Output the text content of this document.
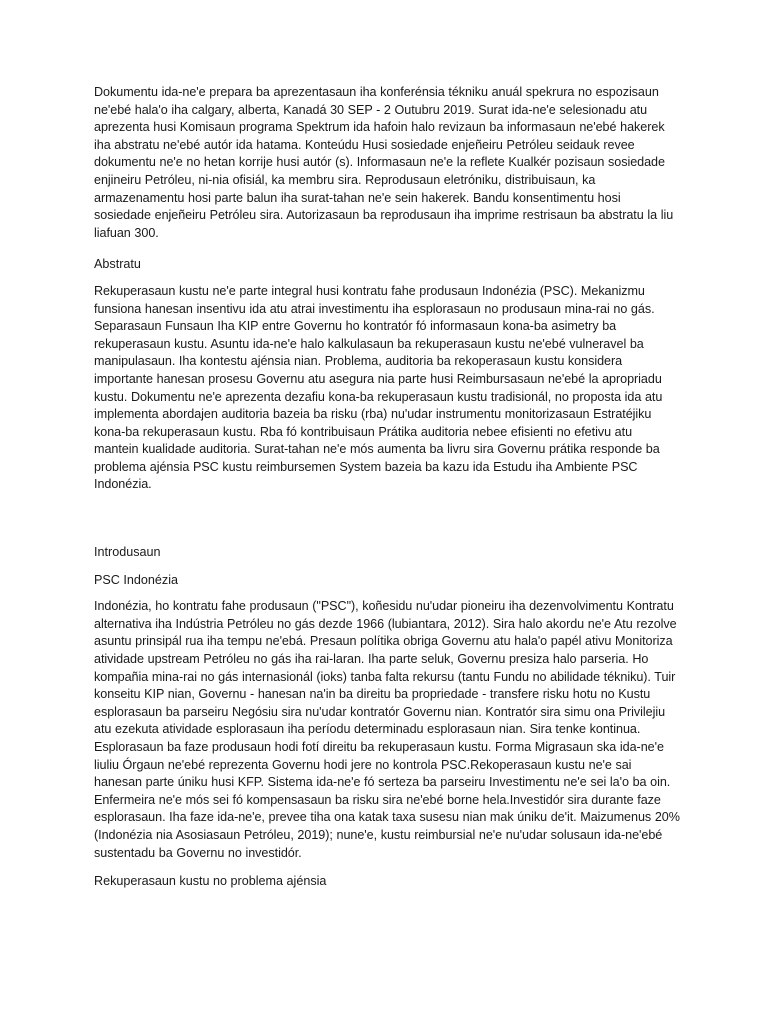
Dokumentu ida-ne'e prepara ba aprezentasaun iha konferénsia tékniku anuál spekrura no espozisaun ne'ebé hala'o iha calgary, alberta, Kanadá 30 SEP - 2 Outubru 2019. Surat ida-ne'e selesionadu atu aprezenta husi Komisaun programa Spektrum ida hafoin halo revizaun ba informasaun ne'ebé hakerek iha abstratu ne'ebé autór ida hatama. Konteúdu Husi sosiedade enjeñeiru Petróleu seidauk revee dokumentu ne'e no hetan korrije husi autór (s). Informasaun ne'e la reflete Kualkér pozisaun sosiedade enjineiru Petróleu, ni-nia ofisiál, ka membru sira. Reprodusaun eletróniku, distribuisaun, ka armazenamentu hosi parte balun iha surat-tahan ne'e sein hakerek. Bandu konsentimentu hosi sosiedade enjeñeiru Petróleu sira. Autorizasaun ba reprodusaun iha imprime restrisaun ba abstratu la liu liafuan 300.

Abstratu

Rekuperasaun kustu ne'e parte integral husi kontratu fahe produsaun Indonézia (PSC). Mekanizmu funsiona hanesan insentivu ida atu atrai investimentu iha esplorasaun no produsaun mina-rai no gás. Separasaun Funsaun Iha KIP entre Governu ho kontratór fó informasaun kona-ba asimetry ba rekuperasaun kustu. Asuntu ida-ne'e halo kalkulasaun ba rekuperasaun kustu ne'ebé vulneravel ba manipulasaun. Iha kontestu ajénsia nian. Problema, auditoria ba rekoperasaun kustu konsidera importante hanesan prosesu Governu atu asegura nia parte husi Reimbursasaun ne'ebé la apropriadu kustu. Dokumentu ne'e aprezenta dezafiu kona-ba rekuperasaun kustu tradisionál, no proposta ida atu implementa abordajen auditoria bazeia ba risku (rba) nu'udar instrumentu monitorizasaun Estratéjiku kona-ba rekuperasaun kustu. Rba fó kontribuisaun Prátika auditoria nebee efisienti no efetivu atu mantein kualidade auditoria. Surat-tahan ne'e mós aumenta ba livru sira Governu prátika responde ba problema ajénsia PSC kustu reimbursemen System bazeia ba kazu ida Estudu iha Ambiente PSC Indonézia.

Introdusaun

PSC Indonézia

Indonézia, ho kontratu fahe produsaun ("PSC"), koñesidu nu'udar pioneiru iha dezenvolvimentu Kontratu alternativa iha Indústria Petróleu no gás dezde 1966 (lubiantara, 2012). Sira halo akordu ne'e Atu rezolve asuntu prinsipál rua iha tempu ne'ebá. Presaun polítika obriga Governu atu hala'o papél ativu Monitoriza atividade upstream Petróleu no gás iha rai-laran. Iha parte seluk, Governu presiza halo parseria. Ho kompañia mina-rai no gás internasionál (ioks) tanba falta rekursu (tantu Fundu no abilidade tékniku). Tuir konseitu KIP nian, Governu - hanesan na'in ba direitu ba propriedade - transfere risku hotu no Kustu esplorasaun ba parseiru Negósiu sira nu'udar kontratór Governu nian. Kontratór sira simu ona Privilejiu atu ezekuta atividade esplorasaun iha períodu determinadu esplorasaun nian. Sira tenke kontinua. Esplorasaun ba faze produsaun hodi fotí direitu ba rekuperasaun kustu. Forma Migrasaun ska ida-ne'e liuliu Órgaun ne'ebé reprezenta Governu hodi jere no kontrola PSC.Rekoperasaun kustu ne'e sai hanesan parte úniku husi KFP. Sistema ida-ne'e fó serteza ba parseiru Investimentu ne'e sei la'o ba oin. Enfermeira ne'e mós sei fó kompensasaun ba risku sira ne'ebé borne hela.Investidór sira durante faze esplorasaun. Iha faze ida-ne'e, prevee tiha ona katak taxa susesu nian mak úniku de'it. Maizumenus 20% (Indonézia nia Asosiasaun Petróleu, 2019); nune'e, kustu reimbursial ne'e nu'udar solusaun ida-ne'ebé sustentadu ba Governu no investidór.

Rekuperasaun kustu no problema ajénsia
